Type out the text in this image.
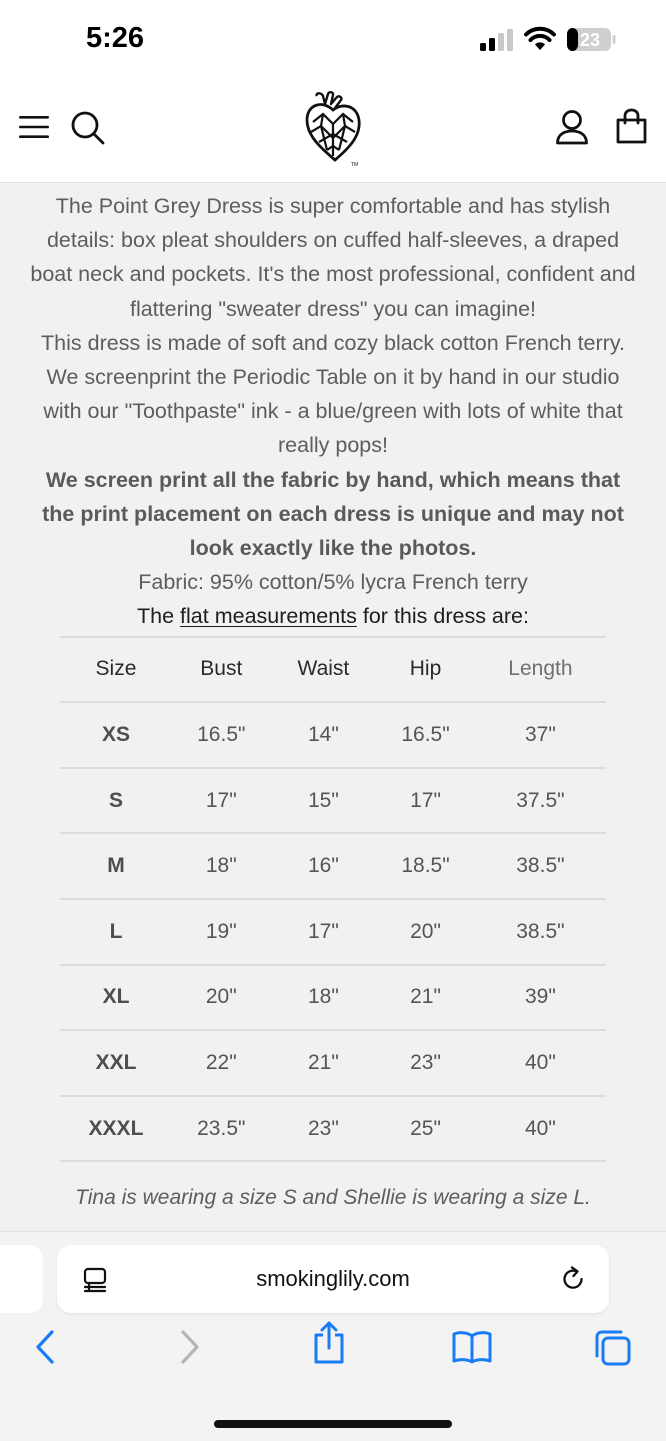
5:26	23
TM

The Point Grey Dress is super comfortable and has stylish details: box pleat shoulders on cuffed half-sleeves, a draped boat neck and pockets. It's the most professional, confident and flattering "sweater dress" you can imagine!

This dress is made of soft and cozy black cotton French terry. We screenprint the Periodic Table on it by hand in our studio with our "Toothpaste" ink - a blue/green with lots of white that really pops!

We screen print all the fabric by hand, which means that the print placement on each dress is unique and may not look exactly like the photos.

Fabric: 95% cotton/5% lycra French terry

The flat measurements for this dress are:

Size	Bust	Waist	Hip	Length
XS	16.5"	14"	16.5"	37"
S	17"	15"	17"	37.5"
M	18"	16"	18.5"	38.5"
L	19"	17"	20"	38.5"
XL	20"	18"	21"	39"
XXL	22"	21"	23"	40"
XXXL	23.5"	23"	25"	40"
Tina is wearing a size S and Shellie is wearing a size L.
smokinglily.com
